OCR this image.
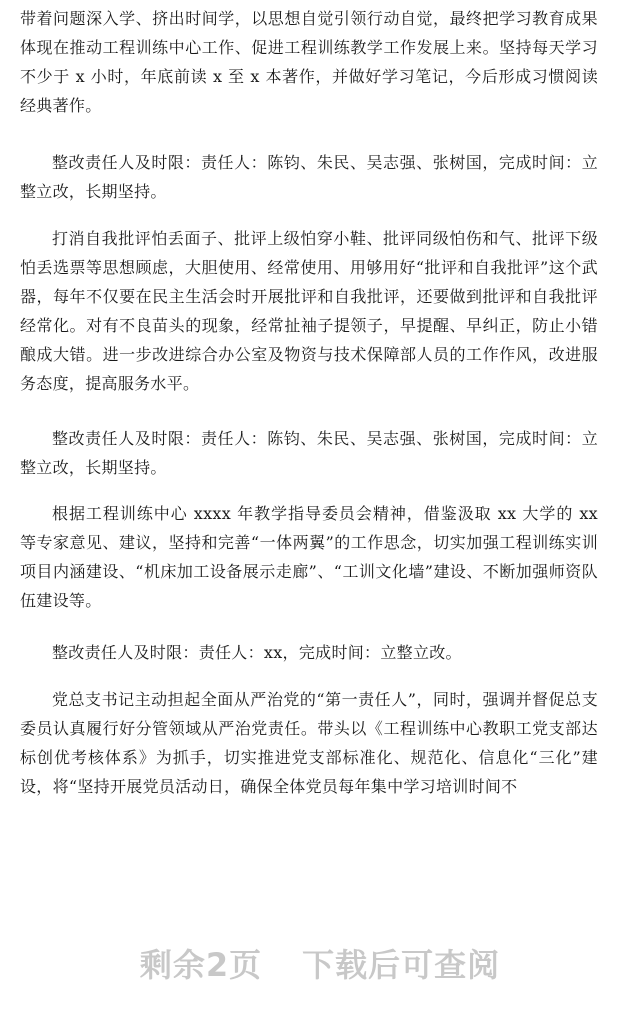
带着问题深入学、挤出时间学，以思想自觉引领行动自觉，最终把学习教育成果体现在推动工程训练中心工作、促进工程训练教学工作发展上来。坚持每天学习不少于 x 小时，年底前读 x 至 x 本著作，并做好学习笔记，今后形成习惯阅读经典著作。

整改责任人及时限：责任人：陈钧、朱民、吴志强、张树国，完成时间：立整立改，长期坚持。

打消自我批评怕丢面子、批评上级怕穿小鞋、批评同级怕伤和气、批评下级怕丢选票等思想顾虑，大胆使用、经常使用、用够用好“批评和自我批评”这个武器，每年不仅要在民主生活会时开展批评和自我批评，还要做到批评和自我批评经常化。对有不良苗头的现象，经常扯袖子提领子，早提醒、早纠正，防止小错酿成大错。进一步改进综合办公室及物资与技术保障部人员的工作作风，改进服务态度，提高服务水平。

整改责任人及时限：责任人：陈钧、朱民、吴志强、张树国，完成时间：立整立改，长期坚持。

根据工程训练中心 xxxx 年教学指导委员会精神，借鉴汲取 xx 大学的 xx 等专家意见、建议，坚持和完善“一体两翼”的工作思念，切实加强工程训练实训项目内涵建设、“机床加工设备展示走廊”、“工训文化墙”建设、不断加强师资队伍建设等。

整改责任人及时限：责任人：xx，完成时间：立整立改。

党总支书记主动担起全面从严治党的“第一责任人”，同时，强调并督促总支委员认真履行好分管领域从严治党责任。带头以《工程训练中心教职工党支部达标创优考核体系》为抓手，切实推进党支部标准化、规范化、信息化“三化”建设，将“坚持开展党员活动日，确保全体党员每年集中学习培训时间不

剩余2页 下载后可查阅
